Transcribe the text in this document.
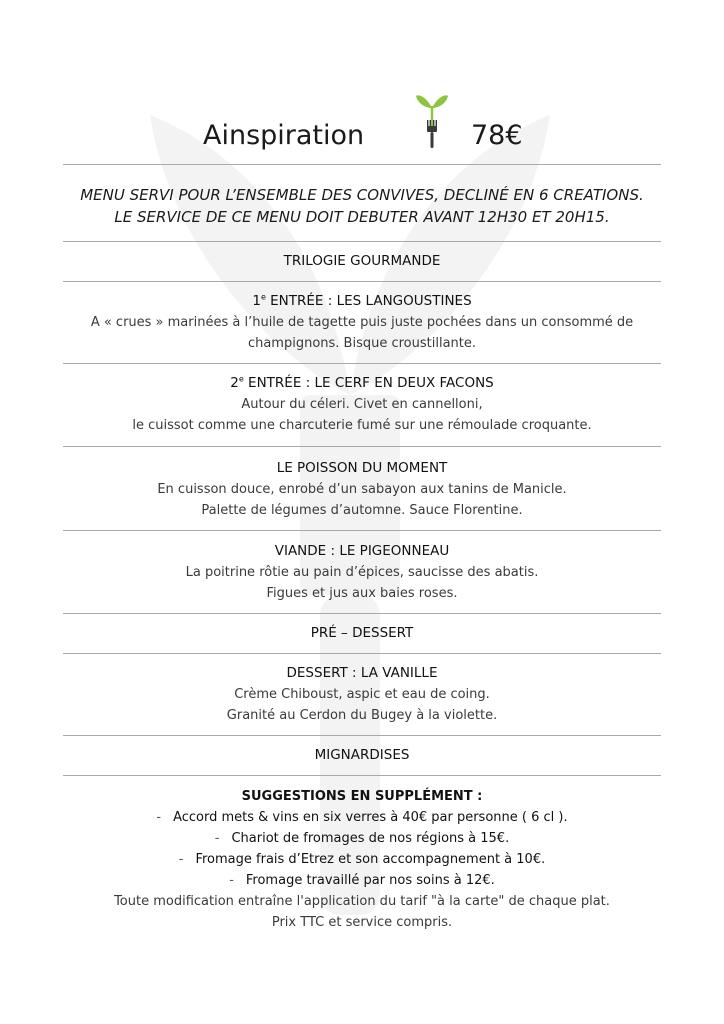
Ainspiration	78€
MENU SERVI POUR L’ENSEMBLE DES CONVIVES, DECLINÉ EN 6 CREATIONS.
LE SERVICE DE CE MENU DOIT DEBUTER AVANT 12H30 ET 20H15.
TRILOGIE GOURMANDE
1e ENTRÉE : LES LANGOUSTINES
A « crues » marinées à l’huile de tagette puis juste pochées dans un consommé de
champignons. Bisque croustillante.
2e ENTRÉE : LE CERF EN DEUX FACONS
Autour du céleri. Civet en cannelloni,
le cuissot comme une charcuterie fumé sur une rémoulade croquante.
LE POISSON DU MOMENT
En cuisson douce, enrobé d’un sabayon aux tanins de Manicle.
Palette de légumes d’automne. Sauce Florentine.
VIANDE : LE PIGEONNEAU
La poitrine rôtie au pain d’épices, saucisse des abatis.
Figues et jus aux baies roses.
PRÉ – DESSERT
DESSERT : LA VANILLE
Crème Chiboust, aspic et eau de coing.
Granité au Cerdon du Bugey à la violette.
MIGNARDISES
SUGGESTIONS EN SUPPLÉMENT :
- Accord mets & vins en six verres à 40€ par personne ( 6 cl ).
- Chariot de fromages de nos régions à 15€.
- Fromage frais d’Etrez et son accompagnement à 10€.
- Fromage travaillé par nos soins à 12€.
Toute modification entraîne l'application du tarif "à la carte" de chaque plat.
Prix TTC et service compris.
